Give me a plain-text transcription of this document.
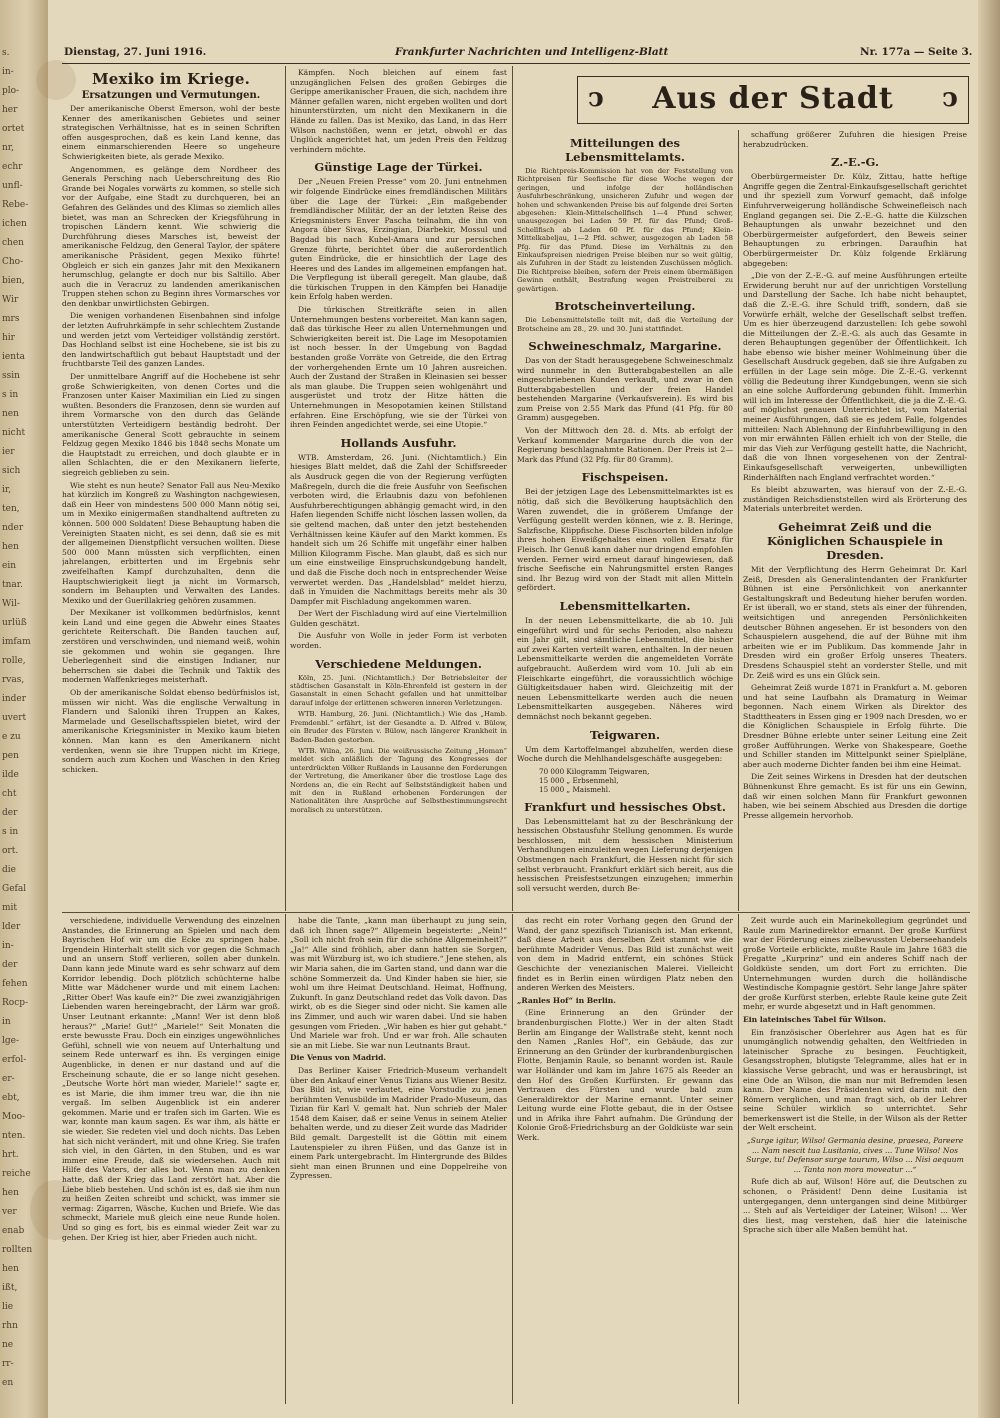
s.
in-
plo-
her
ortet
nr,
echr
unfl-
Rebe-
ichen
chen
Cho-
bien,
Wir
mrs
hir
ienta
ssin
s in
nen
nicht
ier
sich
ir,
ten,
nder
hen
ein
tnar.
Wil-
urlüß
imfam
rolle,
rvas,
inder
uvert
e zu
pen
ilde
cht
der
s in
ort.
die
Gefal
mit
lder
in-
der
fehen
Rocp-
in
lge-
erfol-
er-
ebt,
Moo-
nten.
hrt.
reiche
hen
ver
enab
rollten
hen
ißt,
lie
rhn
ne
rr-
en
Dienstag, 27. Juni 1916.	Frankfurter Nachrichten und Intelligenz-Blatt	Nr. 177a — Seite 3.
ↄ	Aus der Stadt	ↄ
Mexiko im Kriege.
Ersatzungen und Vermutungen.

Der amerikanische Oberst Emerson, wohl der beste Kenner des amerikanischen Gebietes und seiner strategischen Verhältnisse, hat es in seinen Schriften offen ausgesprochen, daß es kein Land kenne, das einem einmarschierenden Heere so ungeheure Schwierigkeiten biete, als gerade Mexiko.

Angenommen, es gelänge dem Nordheer des Generals Persching nach Ueberschreitung des Rio Grande bei Nogales vorwärts zu kommen, so stelle sich vor der Aufgabe, eine Stadt zu durchqueren, bei an Gefahren des Geländes und des Klimas so ziemlich alles bietet, was man an Schrecken der Kriegsführung in tropischen Ländern kennt. Wie schwierig die Durchführung dieses Marsches ist, beweist der amerikanische Feldzug, den General Taylor, der spätere amerikanische Präsident, gegen Mexiko führte! Obgleich er sich ein ganzes Jahr mit den Mexikanern herumschlug, gelangte er doch nur bis Saltillo. Aber auch die in Veracruz zu landenden amerikanischen Truppen stehen schon zu Beginn ihres Vormarsches vor den denkbar unwirtlichsten Gebirgen.

Die wenigen vorhandenen Eisenbahnen sind infolge der letzten Aufruhrkämpfe in sehr schlechtem Zustande und werden jetzt vom Verteidiger vollständig zerstört. Das Hochland selbst ist eine Hochebene, sie ist bis zu den landwirtschaftlich gut bebaut Hauptstadt und der fruchtbarste Teil des ganzen Landes.

Der unmittelbare Angriff auf die Hochebene ist sehr große Schwierigkeiten, von denen Cortes und die Franzosen unter Kaiser Maximilian ein Lied zu singen wußten. Besonders die Franzosen, denn sie wurden auf ihrem Vormarsche von den durch das Gelände unterstützten Verteidigern beständig bedroht. Der amerikanische General Scott gebrauchte in seinem Feldzug gegen Mexiko 1846 bis 1848 sechs Monate um die Hauptstadt zu erreichen, und doch glaubte er in allen Schlachten, die er den Mexikanern lieferte, siegreich geblieben zu sein.

Wie steht es nun heute? Senator Fall aus Neu-Mexiko hat kürzlich im Kongreß zu Washington nachgewiesen, daß ein Heer von mindestens 500 000 Mann nötig sei, um in Mexiko einigermaßen standhaltend auftreten zu können. 500 000 Soldaten! Diese Behauptung haben die Vereinigten Staaten nicht, es sei denn, daß sie es mit der allgemeinen Dienstpflicht versuchen wollten. Diese 500 000 Mann müssten sich verpflichten, einen jahrelangen, erbitterten und im Ergebnis sehr zweifelhaften Kampf durchzuhalten, denn die Hauptschwierigkeit liegt ja nicht im Vormarsch, sondern im Behaupten und Verwalten des Landes. Mexiko und der Guerillakrieg gehören zusammen.

Der Mexikaner ist vollkommen bedürfnislos, kennt kein Land und eine gegen die Abwehr eines Staates gerichtete Reiterschaft. Die Banden tauchen auf, zerstören und verschwinden, und niemand weiß, wohin sie gekommen und wohin sie gegangen. Ihre Ueberlegenheit sind die einstigen Indianer, nur beherrschen sie dabei die Technik und Taktik des modernen Waffenkrieges meisterhaft.

Ob der amerikanische Soldat ebenso bedürfnislos ist, müssen wir nicht. Was die englische Verwaltung in Flandern und Saloniki ihren Truppen an Kakes, Marmelade und Gesellschaftsspielen bietet, wird der amerikanische Kriegsminister in Mexiko kaum bieten können. Man kann es den Amerikanern nicht verdenken, wenn sie ihre Truppen nicht im Kriege, sondern auch zum Kochen und Waschen in den Krieg schicken.

Kämpfen. Noch bleichen auf einem fast unzugänglichen Felsen des großen Gebirges die Gerippe amerikanischer Frauen, die sich, nachdem ihre Männer gefallen waren, nicht ergeben wollten und dort hinunterstürzten, um nicht den Mexikanern in die Hände zu fallen. Das ist Mexiko, das Land, in das Herr Wilson nachstößen, wenn er jetzt, obwohl er das Unglück angerichtet hat, um jeden Preis den Feldzug verhindern möchte.

Günstige Lage der Türkei.

Der „Neuen Freien Presse“ vom 20. Juni entnehmen wir folgende Eindrücke eines fremdländischen Militärs über die Lage der Türkei: „Ein maßgebender fremdländischer Militär, der an der letzten Reise des Kriegsministers Enver Pascha teilnahm, die ihn von Angora über Sivas, Erzingian, Diarbekir, Mossul und Bagdad bis nach Kubel-Amara und zur persischen Grenze führte, berichtet über die außerordentlich guten Eindrücke, die er hinsichtlich der Lage des Heeres und des Landes im allgemeinen empfangen hat. Die Verpflegung ist überall geregelt. Man glaube, daß die türkischen Truppen in den Kämpfen bei Hanadije kein Erfolg haben werden.

Die türkischen Streitkräfte seien in allen Unternehmungen bestens vorbereitet. Man kann sagen, daß das türkische Heer zu allen Unternehmungen und Schwierigkeiten bereit ist. Die Lage im Mesopotamien ist noch besser. In der Umgebung von Bagdad bestanden große Vorräte von Getreide, die den Ertrag der vorhergehenden Ernte um 10 Jahren ausreichen. Auch der Zustand der Straßen in Kleinasien sei besser als man glaube. Die Truppen seien wohlgenährt und ausgerüstet und trotz der Hitze hätten die Unternehmungen in Mesopotamien keinen Stillstand erfahren. Eine Erschöpfung, wie sie der Türkei von ihren Feinden angedichtet werde, sei eine Utopie.“

Hollands Ausfuhr.

WTB. Amsterdam, 26. Juni. (Nichtamtlich.) Ein hiesiges Blatt meldet, daß die Zahl der Schiffsreeder als Ausdruck gegen die von der Regierung verfügten Maßregeln, durch die die freie Ausfuhr von Seefischen verboten wird, die Erlaubnis dazu von befohlenen Ausfuhrberechtigungen abhängig gemacht wird, in den Hafen liegenden Schiffe nicht löschen lassen wollen, da sie geltend machen, daß unter den jetzt bestehenden Verhältnissen keine Käufer auf den Markt kommen. Es handelt sich um 26 Schiffe mit ungefähr einer halben Million Kilogramm Fische. Man glaubt, daß es sich nur um eine einstweilige Einspruchskundgebung handelt, und daß die Fische doch noch in entsprechender Weise verwertet werden. Das „Handelsblad“ meldet hierzu, daß in Ymuiden die Nachmittags bereits mehr als 30 Dampfer mit Fischladung angekommen waren.

Der Wert der Fischladung wird auf eine Viertelmillion Gulden geschätzt.

Die Ausfuhr von Wolle in jeder Form ist verboten worden.

Verschiedene Meldungen.

Köln, 25. Juni. (Nichtamtlich.) Der Betriebsleiter der städtischen Gasanstalt in Köln-Ehrenfeld ist gestern in der Gasanstalt in einen Schacht gefallen und hat unmittelbar darauf infolge der erlittenen schweren inneren Verletzungen.

WTB. Hamburg, 26. Juni. (Nichtamtlich.) Wie das „Hamb. Fremdenbl.“ erfährt, ist der Gesandte a. D. Alfred v. Bülow, ein Bruder des Fürsten v. Bülow, nach längerer Krankheit in Baden-Baden gestorben.

WTB. Wilna, 26. Juni. Die weißrussische Zeitung „Homan“ meldet sich anläßlich der Tagung des Kongresses der unterdrückten Völker Rußlands in Lausanne den Forderungen der Vertretung, die Amerikaner über die trostlose Lage des Nordens an, die ein Recht auf Selbstständigkeit haben und mit den in Rußland erhobenen Forderungen der Nationalitäten ihre Ansprüche auf Selbstbestimmungsrecht moralisch zu unterstützen.

Mitteilungen des Lebensmittelamts.

Die Richtpreis-Kommission hat von der Feststellung von Richtpreisen für Seefische für diese Woche wegen der geringen, und infolge der holländischen Ausfuhrbeschränkung, unsicheren Zufuhr und wegen der hohen und schwankenden Preise bis auf folgende drei Sorten abgesehen: Klein-Mittelschellfisch 1—4 Pfund schwer, unausgezogen bei Laden 59 Pf. für das Pfund; Groß-Schellfisch ab Laden 60 Pf. für das Pfund; Klein-Mittelkabeljau, 1—2 Pfd. schwer, ausgezogen ab Laden 58 Pfg. für das Pfund. Diese im Verhältnis zu den Einkaufspreisen niedrigen Preise bleiben nur so weit gültig, als Zufuhren in der Stadt zu leistenden Zuschüssen möglich. Die Richtpreise bleiben, sofern der Preis einem übermäßigen Gewinn enthält, Bestrafung wegen Preistreiberei zu gewärtigen.

Brotscheinverteilung.

Die Lebensmittelstelle teilt mit, daß die Verteilung der Brotscheine am 28., 29. und 30. Juni stattfindet.

Schweineschmalz, Margarine.

Das von der Stadt herausgegebene Schweineschmalz wird nunmehr in den Butterabgabestellen an alle eingeschriebenen Kunden verkauft, und zwar in den Butterabgabestellen und der freien Handel bestehenden Margarine (Verkaufsverein). Es wird bis zum Preise von 2.55 Mark das Pfund (41 Pfg. für 80 Gramm) ausgegeben.

Von der Mittwoch den 28. d. Mts. ab erfolgt der Verkauf kommender Margarine durch die von der Regierung beschlagnahmte Rationen. Der Preis ist 2— Mark das Pfund (32 Pfg. für 80 Gramm).

Fischspeisen.

Bei der jetzigen Lage des Lebensmittelmarktes ist es nötig, daß sich die Bevölkerung hauptsächlich den Waren zuwendet, die in größerem Umfange der Verfügung gestellt werden können, wie z. B. Heringe, Salzfische, Klippfische. Diese Fischsorten bilden infolge ihres hohen Eiweißgehaltes einen vollen Ersatz für Fleisch. Ihr Genuß kann daher nur dringend empfohlen werden. Ferner wird erneut darauf hingewiesen, daß frische Seefische ein Nahrungsmittel ersten Ranges sind. Ihr Bezug wird von der Stadt mit allen Mitteln gefördert.

Lebensmittelkarten.

In der neuen Lebensmittelkarte, die ab 10. Juli eingeführt wird und für sechs Perioden, also nahezu ein Jahr gilt, sind sämtliche Lebensmittel, die bisher auf zwei Karten verteilt waren, enthalten. In der neuen Lebensmittelkarte werden die angemeldeten Vorräte aufgebraucht. Außerdem wird vom 10. Juli ab ein Fleischkarte eingeführt, die voraussichtlich wöchige Gültigkeitsdauer haben wird. Gleichzeitig mit der neuen Lebensmittelkarte werden auch die neuen Lebensmittelkarten ausgegeben. Näheres wird demnächst noch bekannt gegeben.

Teigwaren.

Um dem Kartoffelmangel abzuhelfen, werden diese Woche durch die Mehlhandelsgeschäfte ausgegeben:

70 000 Kilogramm Teigwaren,
15 000 „ Erbsenmehl,
15 000 „ Maismehl.
Frankfurt und hessisches Obst.

Das Lebensmittelamt hat zu der Beschränkung der hessischen Obstausfuhr Stellung genommen. Es wurde beschlossen, mit dem hessischen Ministerium Verhandlungen einzuleiten wegen Lieferung derjenigen Obstmengen nach Frankfurt, die Hessen nicht für sich selbst verbraucht. Frankfurt erklärt sich bereit, aus die hessischen Preisfestsetzungen einzugehen; immerhin soll versucht werden, durch Be-

schaffung größerer Zufuhren die hiesigen Preise herabzudrücken.

Z.-E.-G.

Oberbürgermeister Dr. Külz, Zittau, hatte heftige Angriffe gegen die Zentral-Einkaufsgesellschaft gerichtet und ihr speziell zum Vorwurf gemacht, daß infolge Einfuhrverweigerung holländische Schweinefleisch nach England gegangen sei. Die Z.-E.-G. hatte die Külzschen Behauptungen als unwahr bezeichnet und den Oberbürgermeister aufgefordert, den Beweis seiner Behauptungen zu erbringen. Daraufhin hat Oberbürgermeister Dr. Külz folgende Erklärung abgegeben:

„Die von der Z.-E.-G. auf meine Ausführungen erteilte Erwiderung beruht nur auf der unrichtigen Vorstellung und Darstellung der Sache. Ich habe nicht behauptet, daß die Z.-E.-G. ihre Schuld trifft, sondern, daß sie Vorwürfe erhält, welche der Gesellschaft selbst treffen. Um es hier überzeugend darzustellen: Ich gebe sowohl die Mitteilungen der Z.-E.-G. als auch das Gesamte in deren Behauptungen gegenüber der Öffentlichkeit. Ich habe ebenso wie bisher meiner Wohlmeinung über die Gesellschaft Ausdruck gegeben, daß sie ihre Aufgaben zu erfüllen in der Lage sein möge. Die Z.-E.-G. verkennt völlig die Bedeutung ihrer Kundgebungen, wenn sie sich an eine solche Aufforderung gebunden fühlt. Immerhin will ich im Interesse der Öffentlichkeit, die ja die Z.-E.-G. auf möglichst genauen Unterrichtet ist, vom Material meiner Ausführungen, daß sie es jedem Falle, folgendes mitteilen: Nach Ablehnung der Einfuhrbewilligung in den von mir erwähnten Fällen erhielt ich von der Stelle, die mir das Vieh zur Verfügung gestellt hatte, die Nachricht, daß die von Ihnen vorgesehenen von der Zentral-Einkaufsgesellschaft verweigerten, unbewilligten Rinderhälften nach England verfrachtet worden.“

Es bleibt abzuwarten, was hierauf von der Z.-E.-G. zuständigen Reichsdienststellen wird als Erörterung des Materials unterbreitet werden.

Geheimrat Zeiß und die Königlichen Schauspiele in Dresden.

Mit der Verpflichtung des Herrn Geheimrat Dr. Karl Zeiß, Dresden als Generalintendanten der Frankfurter Bühnen ist eine Persönlichkeit von anerkannter Gestaltungskraft und Bedeutung hieher berufen worden. Er ist überall, wo er stand, stets als einer der führenden, weitsichtigen und anregenden Persönlichkeiten deutscher Bühnen angesehen. Er ist besonders von den Schauspielern ausgehend, die auf der Bühne mit ihm arbeiten wie er im Publikum. Das kommende Jahr in Dresden wird ein großer Erfolg unseres Theaters. Dresdens Schauspiel steht an vorderster Stelle, und mit Dr. Zeiß wird es uns ein Glück sein.

Geheimrat Zeiß wurde 1871 in Frankfurt a. M. geboren und hat seine Laufbahn als Dramaturg in Weimar begonnen. Nach einem Wirken als Direktor des Stadttheaters in Essen ging er 1909 nach Dresden, wo er die Königlichen Schauspiele in Erfolg führte. Die Dresdner Bühne erlebte unter seiner Leitung eine Zeit großer Aufführungen. Werke von Shakespeare, Goethe und Schiller standen im Mittelpunkt seiner Spielpläne, aber auch moderne Dichter fanden bei ihm eine Heimat.

Die Zeit seines Wirkens in Dresden hat der deutschen Bühnenkunst Ehre gemacht. Es ist für uns ein Gewinn, daß wir einen solchen Mann für Frankfurt gewonnen haben, wie bei seinem Abschied aus Dresden die dortige Presse allgemein hervorhob.

verschiedene, individuelle Verwendung des einzelnen Anstandes, die Erinnerung an Spielen und nach dem Bayrischen Hof wir um die Ecke zu springen habe. Irgendein Hinterhalt stellt sich vor gegen die Schmach und an unsern Stoff verlieren, sollen aber dunkeln. Dann kann jede Minute ward es sehr schwarz auf dem Korridor lebendig. Doch plötzlich schüchterne halbe Mitte war Mädchener wurde und mit einem Lachen: „Ritter Ober! Was kaufe ein?“ Die zwei zwanzigjährigen Liebenden waren hereingebracht, der Lärm war groß. Unser Leutnant erkannte: „Mann! Wer ist denn bloß heraus?“ „Marie! Gut!“ „Mariele!“ Seit Monaten die erste bewusste Frau. Doch ein einziges ungewöhnliches Gefühl, schnell wie von neuem auf Unterhaltung und seinem Rede unterwarf es ihn. Es vergingen einige Augenblicke, in denen er nur dastand und auf die Erscheinung schaute, die er so lange nicht gesehen. „Deutsche Worte hört man wieder, Mariele!“ sagte er, es ist Marie, die ihm immer treu war, die ihn nie vergaß. Im selben Augenblick ist ein anderer gekommen. Marie und er trafen sich im Garten. Wie es war, konnte man kaum sagen. Es war ihm, als hätte er sie wieder. Sie redeten viel und doch nichts. Das Leben hat sich nicht verändert, mit und ohne Krieg. Sie trafen sich viel, in den Gärten, in den Stuben, und es war immer eine Freude, daß sie wiedersehen. Auch mit Hilfe des Vaters, der alles bot. Wenn man zu denken hatte, daß der Krieg das Land zerstört hat. Aber die Liebe blieb bestehen. Und schön ist es, daß sie ihm nun zu heißen Zeiten schreibt und schickt, was immer sie vermag: Zigarren, Wäsche, Kuchen und Briefe. Wie das schmeckt, Mariele muß gleich eine neue Runde holen. Und so ging es fort, bis es einmal wieder Zeit war zu gehen. Der Krieg ist hier, aber Frieden auch nicht.

habe die Tante, „kann man überhaupt zu jung sein, daß ich Ihnen sage?“ Allgemein begeisterte: „Nein!“ „Soll ich nicht froh sein für die schöne Allgemeinheit?“ „Ja!“ Alle sind fröhlich, aber dann hatten sie Sorgen, was mit Würzburg ist, wo ich studiere.“ Jene stehen, als wir Maria sahen, die im Garten stand, und dann war die schöne Sommerzeit da. Und Kinder haben sie hier, sie wohl um ihre Heimat Deutschland. Heimat, Hoffnung, Zukunft. In ganz Deutschland redet das Volk davon. Das wirkt, ob es die Sieger sind oder nicht. Sie kamen alle ins Zimmer, und auch wir waren dabei. Und sie haben gesungen vom Frieden. „Wir haben es hier gut gehabt.“ Und Mariele war froh. Und er war froh. Alle schauten sie an mit Liebe. Sie war nun Leutnants Braut.

Die Venus von Madrid.

Das Berliner Kaiser Friedrich-Museum verhandelt über den Ankauf einer Venus Tizians aus Wiener Besitz. Das Bild ist, wie verlautet, eine Vorstudie zu jenen berühmten Venusbilde im Madrider Prado-Museum, das Tizian für Karl V. gemalt hat. Nun schrieb der Maler 1548 dem Kaiser, daß er seine Venus in seinem Atelier behalten werde, und zu dieser Zeit wurde das Madrider Bild gemalt. Dargestellt ist die Göttin mit einem Lautenspieler zu ihren Füßen, und das Ganze ist in einem Park untergebracht. Im Hintergrunde des Bildes sieht man einen Brunnen und eine Doppelreihe von Zypressen.

das recht ein roter Vorhang gegen den Grund der Wand, der ganz spezifisch Tizianisch ist. Man erkennt, daß diese Arbeit aus derselben Zeit stammt wie die berühmte Madrider Venus. Das Bild ist zunächst weit von dem in Madrid entfernt, ein schönes Stück Geschichte der venezianischen Malerei. Vielleicht findet es in Berlin einen würdigen Platz neben den anderen Werken des Meisters.

„Ranles Hof“ in Berlin.

(Eine Erinnerung an den Gründer der brandenburgischen Flotte.) Wer in der alten Stadt Berlin am Eingange der Wallstraße steht, kennt noch den Namen „Ranles Hof“, ein Gebäude, das zur Erinnerung an den Gründer der kurbrandenburgischen Flotte, Benjamin Raule, so benannt worden ist. Raule war Holländer und kam im Jahre 1675 als Reeder an den Hof des Großen Kurfürsten. Er gewann das Vertrauen des Fürsten und wurde bald zum Generaldirektor der Marine ernannt. Unter seiner Leitung wurde eine Flotte gebaut, die in der Ostsee und in Afrika ihre Fahrt aufnahm. Die Gründung der Kolonie Groß-Friedrichsburg an der Goldküste war sein Werk.

Zeit wurde auch ein Marinekollegium gegründet und Raule zum Marinedirektor ernannt. Der große Kurfürst war der Förderung eines zielbewussten Ueberseehandels große Vorteile erblickte, mußte Raule im Jahre 1683 die Fregatte „Kurprinz“ und ein anderes Schiff nach der Goldküste senden, um dort Fort zu errichten. Die Unternehmungen wurden durch die holländische Westindische Kompagnie gestört. Sehr lange Jahre später der große Kurfürst sterben, erlebte Raule keine gute Zeit mehr, er wurde abgesetzt und in Haft genommen.

Ein lateinisches Tabel für Wilson.

Ein französischer Oberlehrer aus Agen hat es für unumgänglich notwendig gehalten, den Weltfrieden in lateinischer Sprache zu besingen. Feuchtigkeit, Gesangsstrophen, blutigste Telegramme, alles hat er in klassische Verse gebracht, und was er herausbringt, ist eine Ode an Wilson, die man nur mit Befremden lesen kann. Der Name des Präsidenten wird darin mit den Römern verglichen, und man fragt sich, ob der Lehrer seine Schüler wirklich so unterrichtet. Sehr bemerkenswert ist die Stelle, in der Wilson als der Retter der Welt erscheint.

„Surge igitur, Wilso! Germania desine, praesea, Pareere ... Nam nescit tua Lusitania, cives ... Tune Wilso! Nos Surge, tu! Defensor surge taurum, Wilso ... Nisi aequum ... Tanta non mora moveatur ...“

Rufe dich ab auf, Wilson! Höre auf, die Deutschen zu schonen, o Präsident! Denn deine Lusitania ist untergegangen, denn untergangen sind deine Mitbürger ... Steh auf als Verteidiger der Lateiner, Wilson! ... Wer dies liest, mag verstehen, daß hier die lateinische Sprache sich über alle Maßen bemüht hat.
